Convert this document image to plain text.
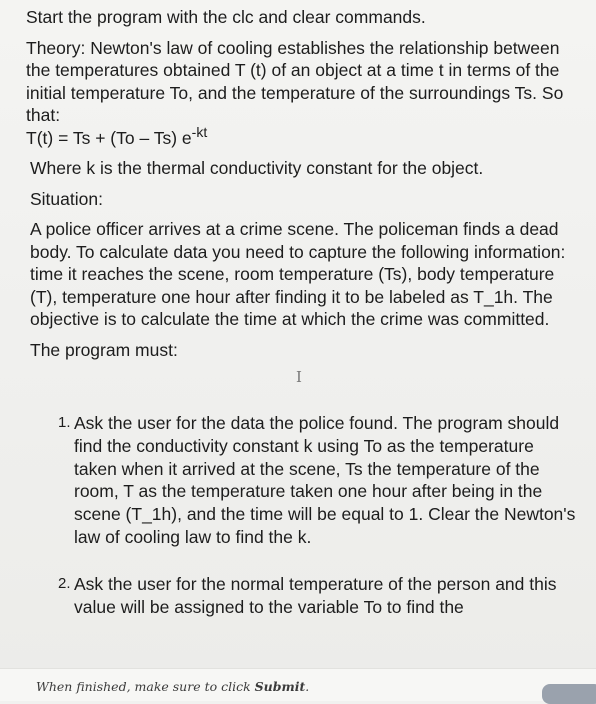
Start the program with the clc and clear commands.

Theory: Newton's law of cooling establishes the relationship between the temperatures obtained T (t) of an object at a time t in terms of the initial temperature To, and the temperature of the surroundings Ts. So that:

T(t) = Ts + (To – Ts) $e^{-kt}$

Where k is the thermal conductivity constant for the object.

Situation:

A police officer arrives at a crime scene. The policeman finds a dead body. To calculate data you need to capture the following information: time it reaches the scene, room temperature (Ts), body temperature (T), temperature one hour after finding it to be labeled as T_1h. The objective is to calculate the time at which the crime was committed.

The program must:

I
1. Ask the user for the data the police found. The program should find the conductivity constant k using To as the temperature taken when it arrived at the scene, Ts the temperature of the room, T as the temperature taken one hour after being in the scene (T_1h), and the time will be equal to 1. Clear the Newton's law of cooling law to find the k.
2. Ask the user for the normal temperature of the person and this value will be assigned to the variable To to find the
When finished, make sure to click Submit.
